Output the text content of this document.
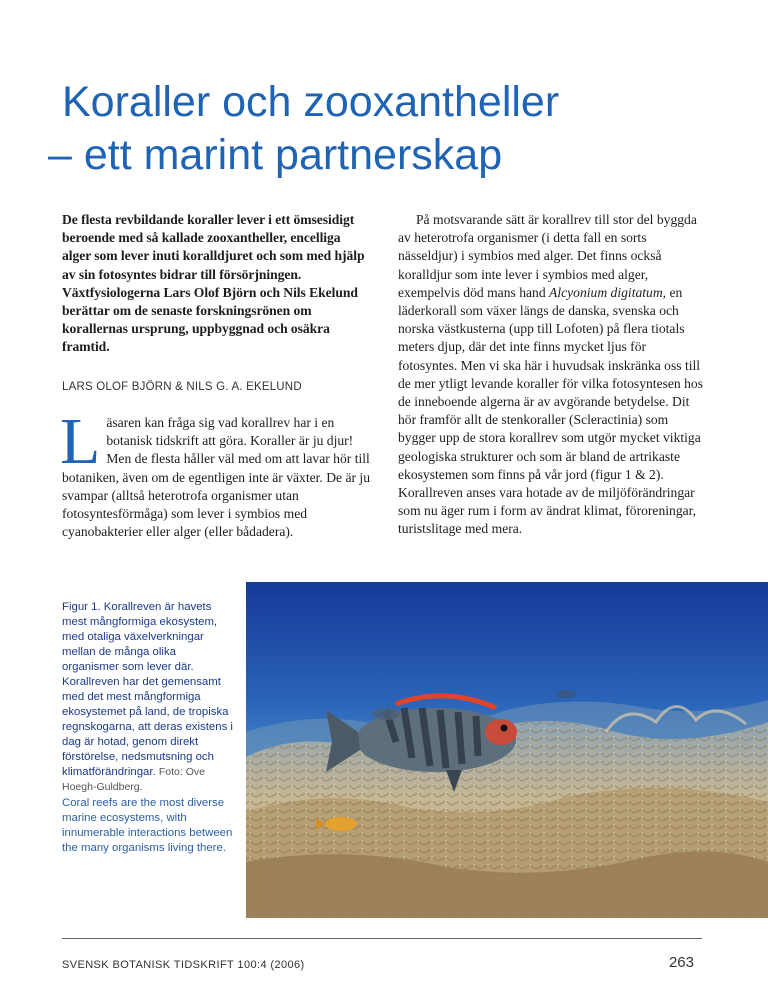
Koraller och zooxantheller

– ett marint partnerskap

De flesta revbildande koraller lever i ett ömsesidigt beroende med så kallade zooxantheller, encelliga alger som lever inuti koralldjuret och som med hjälp av sin fotosyntes bidrar till försörjningen. Växtfysiologerna Lars Olof Björn och Nils Ekelund berättar om de senaste forskningsrönen om korallernas ursprung, uppbyggnad och osäkra framtid.

LARS OLOF BJÖRN & NILS G. A. EKELUND
Läsaren kan fråga sig vad korallrev har i en botanisk tidskrift att göra. Koraller är ju djur! Men de flesta håller väl med om att lavar hör till botaniken, även om de egentligen inte är växter. De är ju svampar (alltså heterotrofa organismer utan fotosyntesförmåga) som lever i symbios med cyanobakterier eller alger (eller bådadera).

På motsvarande sätt är korallrev till stor del byggda av heterotrofa organismer (i detta fall en sorts nässeldjur) i symbios med alger. Det finns också koralldjur som inte lever i symbios med alger, exempelvis död mans hand Alcyonium digitatum, en läderkorall som växer längs de danska, svenska och norska västkusterna (upp till Lofoten) på flera tiotals meters djup, där det inte finns mycket ljus för fotosyntes. Men vi ska här i huvudsak inskränka oss till de mer ytligt levande koraller för vilka fotosyntesen hos de inneboende algerna är av avgörande betydelse. Dit hör framför allt de stenkoraller (Scleractinia) som bygger upp de stora korallrev som utgör mycket viktiga geologiska strukturer och som är bland de artrikaste ekosystemen som finns på vår jord (figur 1 & 2). Korallreven anses vara hotade av de miljöförändringar som nu äger rum i form av ändrat klimat, föroreningar, turistslitage med mera.

Figur 1. Korallreven är havets mest mångformiga ekosystem, med otaliga växelverkningar mellan de många olika organismer som lever där. Korallreven har det gemensamt med det mest mångformiga ekosystemet på land, de tropiska regnskogarna, att deras existens i dag är hotad, genom direkt förstörelse, nedsmutsning och klimatförändringar. Foto: Ove Hoegh-Guldberg.
Coral reefs are the most diverse marine ecosystems, with innumerable interactions between the many organisms living there.
SVENSK BOTANISK TIDSKRIFT 100:4 (2006)	263
